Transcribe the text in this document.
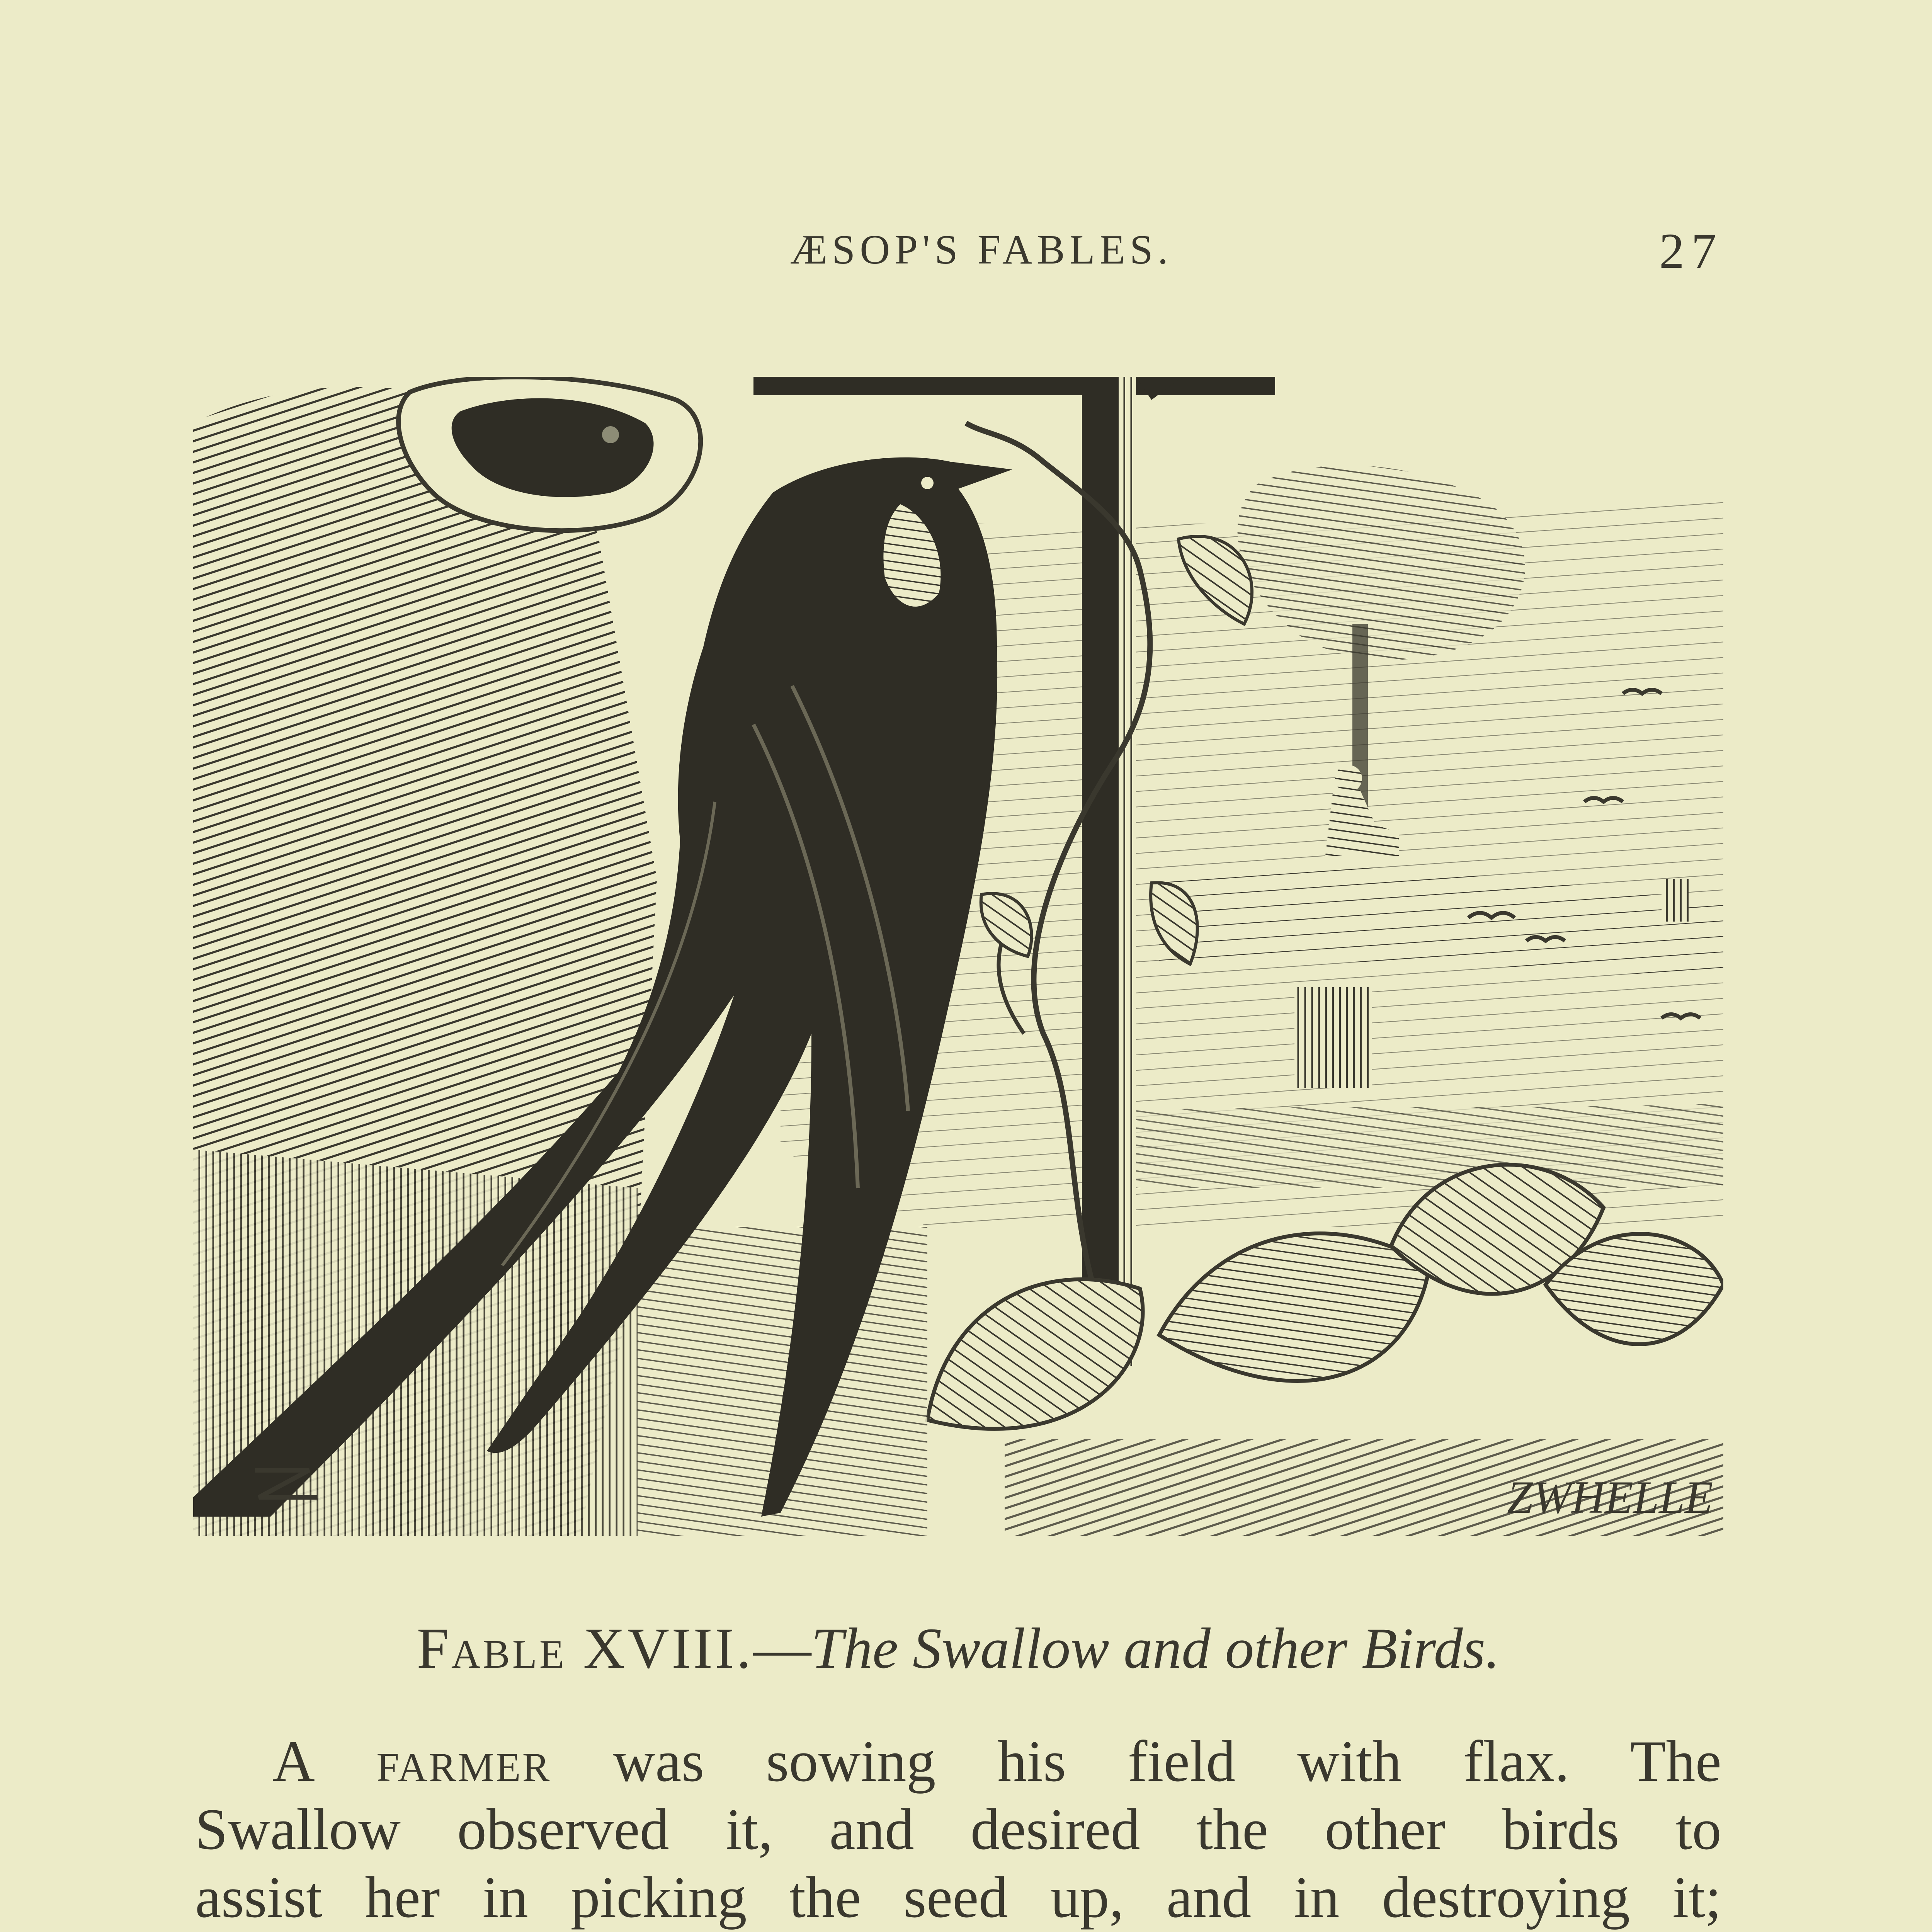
ÆSOP'S FABLES.	27
ZWHELLE
Fable XVIII.—The Swallow and other Birds.
A farmer was sowing his field with flax. The
Swallow observed it, and desired the other birds to
assist her in picking the seed up, and in destroying it;
